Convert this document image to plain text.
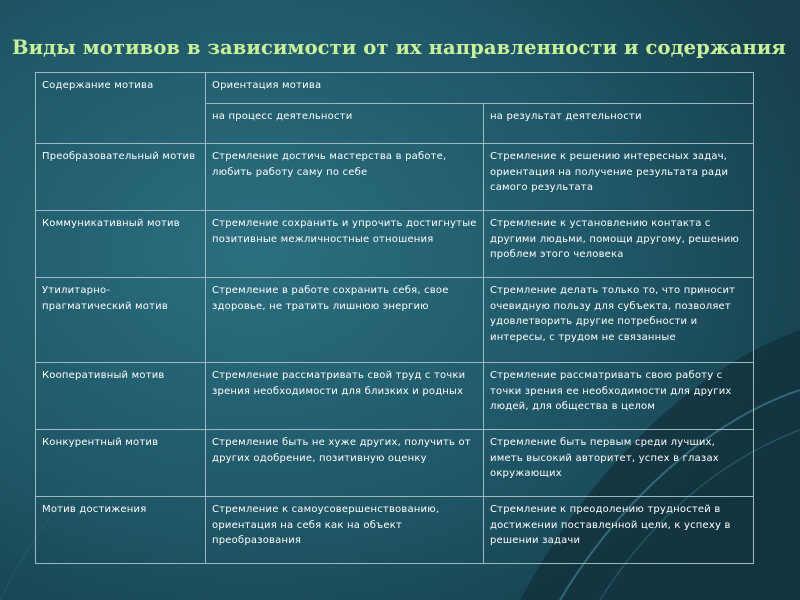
Виды мотивов в зависимости от их направленности и содержания
Содержание мотива	Ориентация мотива	
	на процесс деятельности	на результат деятельности
Преобразовательный мотив	Стремление достичь мастерства в работе, любить работу саму по себе	Стремление к решению интересных задач, ориентация на получение результата ради самого результата
Коммуникативный мотив	Стремление сохранить и упрочить достигнутые позитивные межличностные отношения	Стремление к установлению контакта с другими людьми, помощи другому, решению проблем этого человека
Утилитарно-прагматический мотив	Стремление в работе сохранить себя, свое здоровье, не тратить лишнюю энергию	Стремление делать только то, что приносит очевидную пользу для субъекта, позволяет удовлетворить другие потребности и интересы, с трудом не связанные
Кооперативный мотив	Стремление рассматривать свой труд с точки зрения необходимости для близких и родных	Стремление рассматривать свою работу с точки зрения ее необходимости для других людей, для общества в целом
Конкурентный мотив	Стремление быть не хуже других, получить от других одобрение, позитивную оценку	Стремление быть первым среди лучших, иметь высокий авторитет, успех в глазах окружающих
Мотив достижения	Стремление к самоусовершенствованию, ориентация на себя как на объект преобразования	Стремление к преодолению трудностей в достижении поставленной цели, к успеху в решении задачи
